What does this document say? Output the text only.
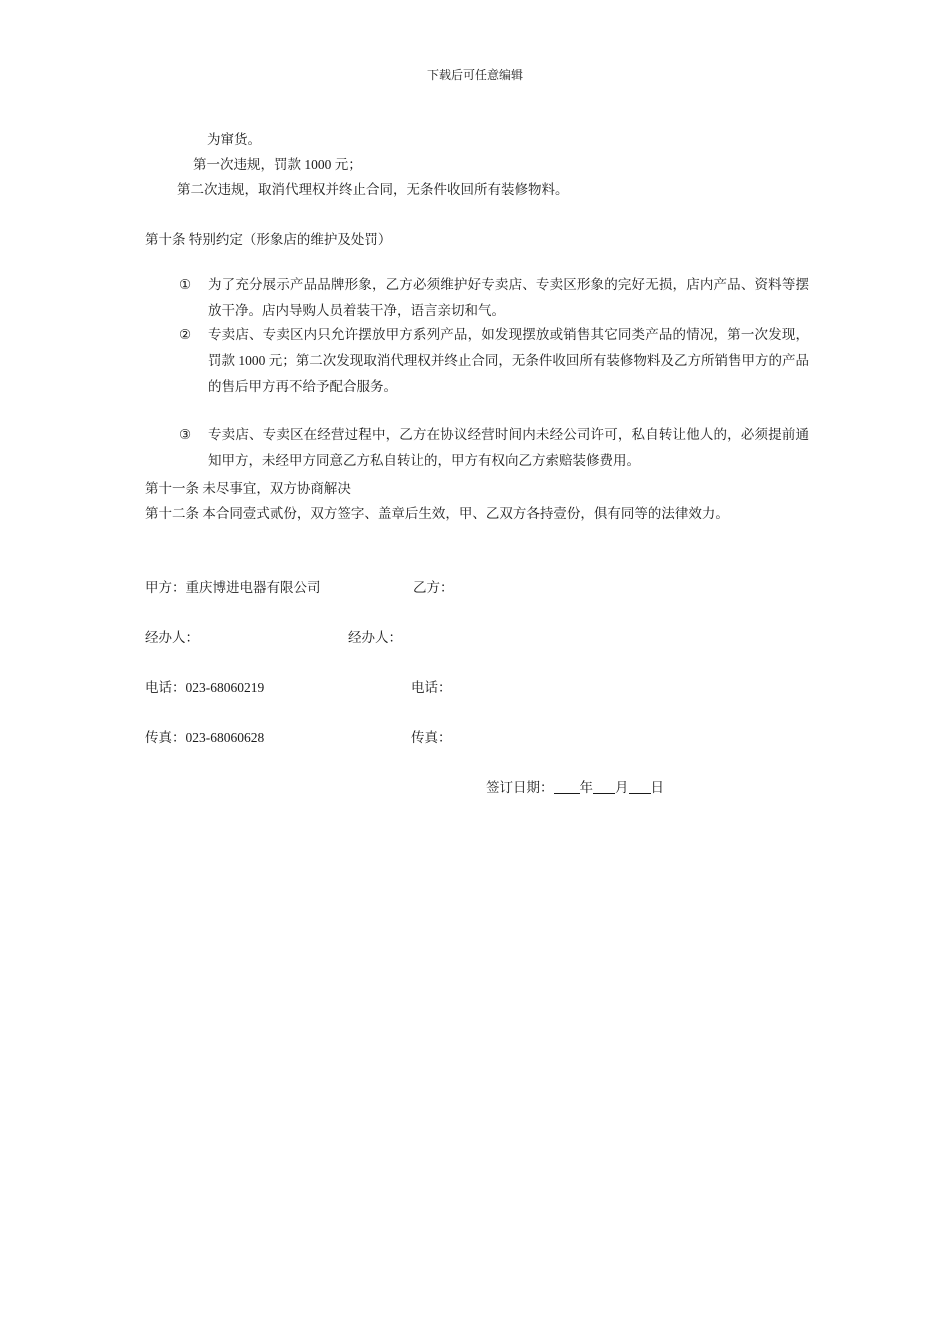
下载后可任意编辑
为窜货。
第一次违规，罚款 1000 元；
第二次违规，取消代理权并终止合同，无条件收回所有装修物料。
第十条 特别约定（形象店的维护及处罚）
① 为了充分展示产品品牌形象，乙方必须维护好专卖店、专卖区形象的完好无损，店内产品、资料等摆放干净。店内导购人员着装干净，语言亲切和气。
② 专卖店、专卖区内只允许摆放甲方系列产品，如发现摆放或销售其它同类产品的情况，第一次发现，罚款 1000 元；第二次发现取消代理权并终止合同，无条件收回所有装修物料及乙方所销售甲方的产品的售后甲方再不给予配合服务。
③ 专卖店、专卖区在经营过程中，乙方在协议经营时间内未经公司许可，私自转让他人的，必须提前通知甲方，未经甲方同意乙方私自转让的，甲方有权向乙方索赔装修费用。
第十一条 未尽事宜，双方协商解决
第十二条 本合同壹式贰份，双方签字、盖章后生效，甲、乙双方各持壹份，俱有同等的法律效力。
甲方：重庆博进电器有限公司	乙方：
经办人：	经办人：
电话：023-68060219	电话：
传真：023-68060628	传真：
签订日期： 年 月 日
